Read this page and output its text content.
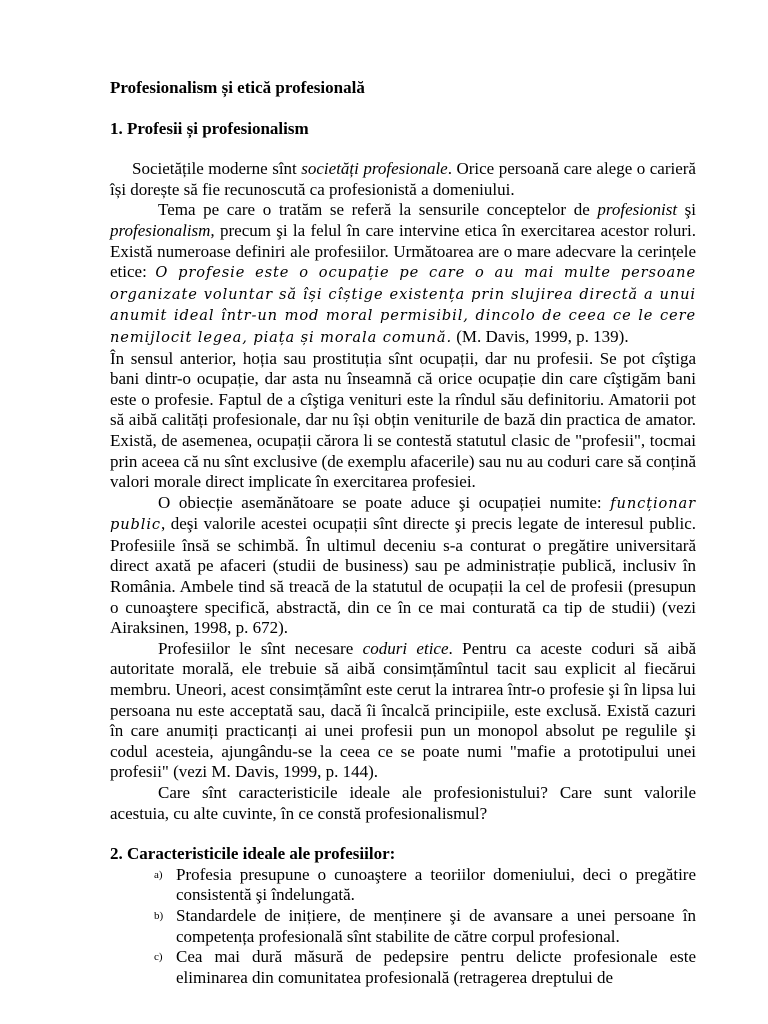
Profesionalism și etică profesională
1. Profesii și profesionalism

Societățile moderne sînt societăți profesionale. Orice persoană care alege o carieră își dorește să fie recunoscută ca profesionistă a domeniului.

Tema pe care o tratăm se referă la sensurile conceptelor de profesionist şi profesionalism, precum şi la felul în care intervine etica în exercitarea acestor roluri. Există numeroase definiri ale profesiilor. Următoarea are o mare adecvare la cerințele etice: O profesie este o ocupație pe care o au mai multe persoane organizate voluntar să își cîștige existența prin slujirea directă a unui anumit ideal într-un mod moral permisibil, dincolo de ceea ce le cere nemijlocit legea, piața și morala comună. (M. Davis, 1999, p. 139).

În sensul anterior, hoția sau prostituția sînt ocupații, dar nu profesii. Se pot cîştiga bani dintr-o ocupație, dar asta nu înseamnă că orice ocupație din care cîştigăm bani este o profesie. Faptul de a cîştiga venituri este la rîndul său definitoriu. Amatorii pot să aibă calități profesionale, dar nu își obțin veniturile de bază din practica de amator. Există, de asemenea, ocupații cărora li se contestă statutul clasic de "profesii", tocmai prin aceea că nu sînt exclusive (de exemplu afacerile) sau nu au coduri care să conțină valori morale direct implicate în exercitarea profesiei.

O obiecție asemănătoare se poate aduce şi ocupației numite: funcționar public, deşi valorile acestei ocupații sînt directe şi precis legate de interesul public. Profesiile însă se schimbă. În ultimul deceniu s-a conturat o pregătire universitară direct axată pe afaceri (studii de business) sau pe administrație publică, inclusiv în România. Ambele tind să treacă de la statutul de ocupații la cel de profesii (presupun o cunoaştere specifică, abstractă, din ce în ce mai conturată ca tip de studii) (vezi Airaksinen, 1998, p. 672).

Profesiilor le sînt necesare coduri etice. Pentru ca aceste coduri să aibă autoritate morală, ele trebuie să aibă consimțămîntul tacit sau explicit al fiecărui membru. Uneori, acest consimțămînt este cerut la intrarea într-o profesie şi în lipsa lui persoana nu este acceptată sau, dacă îi încalcă principiile, este exclusă. Există cazuri în care anumiți practicanți ai unei profesii pun un monopol absolut pe regulile şi codul acesteia, ajungându-se la ceea ce se poate numi "mafie a prototipului unei profesii" (vezi M. Davis, 1999, p. 144).

Care sînt caracteristicile ideale ale profesionistului? Care sunt valorile acestuia, cu alte cuvinte, în ce constă profesionalismul?

2. Caracteristicile ideale ale profesiilor:
a) Profesia presupune o cunoaştere a teoriilor domeniului, deci o pregătire consistentă şi îndelungată.
b) Standardele de inițiere, de menținere şi de avansare a unei persoane în competența profesională sînt stabilite de către corpul profesional.
c) Cea mai dură măsură de pedepsire pentru delicte profesionale este eliminarea din comunitatea profesională (retragerea dreptului de
